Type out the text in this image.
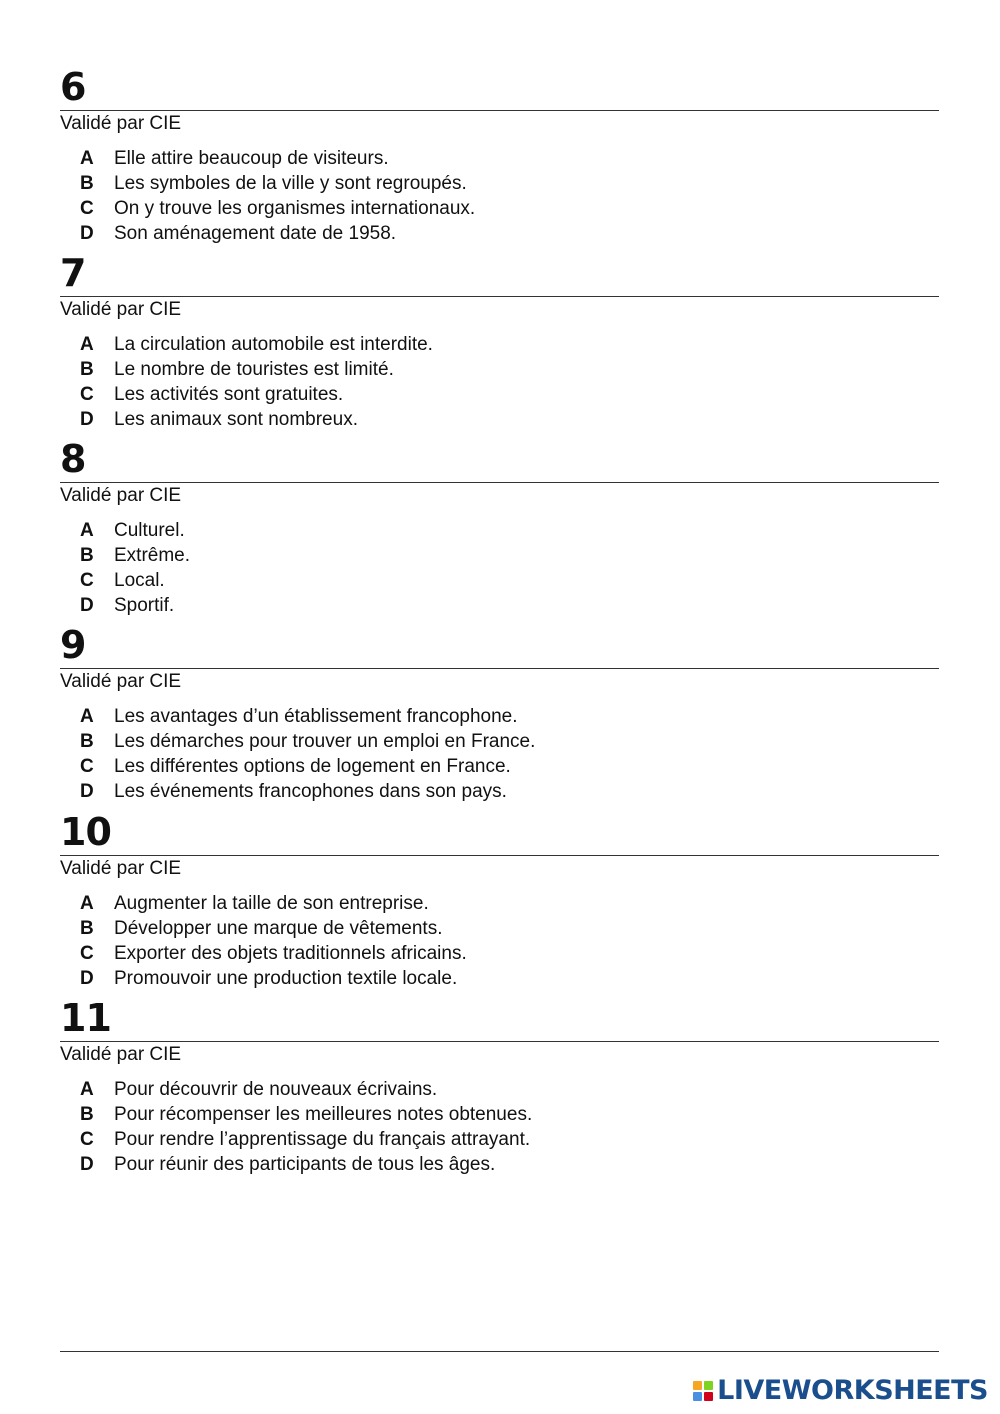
6
Validé par CIE
A	Elle attire beaucoup de visiteurs.
B	Les symboles de la ville y sont regroupés.
C	On y trouve les organismes internationaux.
D	Son aménagement date de 1958.
7
Validé par CIE
A	La circulation automobile est interdite.
B	Le nombre de touristes est limité.
C	Les activités sont gratuites.
D	Les animaux sont nombreux.
8
Validé par CIE
A	Culturel.
B	Extrême.
C	Local.
D	Sportif.
9
Validé par CIE
A	Les avantages d’un établissement francophone.
B	Les démarches pour trouver un emploi en France.
C	Les différentes options de logement en France.
D	Les événements francophones dans son pays.
10
Validé par CIE
A	Augmenter la taille de son entreprise.
B	Développer une marque de vêtements.
C	Exporter des objets traditionnels africains.
D	Promouvoir une production textile locale.
11
Validé par CIE
A	Pour découvrir de nouveaux écrivains.
B	Pour récompenser les meilleures notes obtenues.
C	Pour rendre l’apprentissage du français attrayant.
D	Pour réunir des participants de tous les âges.
LIVEWORKSHEETS
